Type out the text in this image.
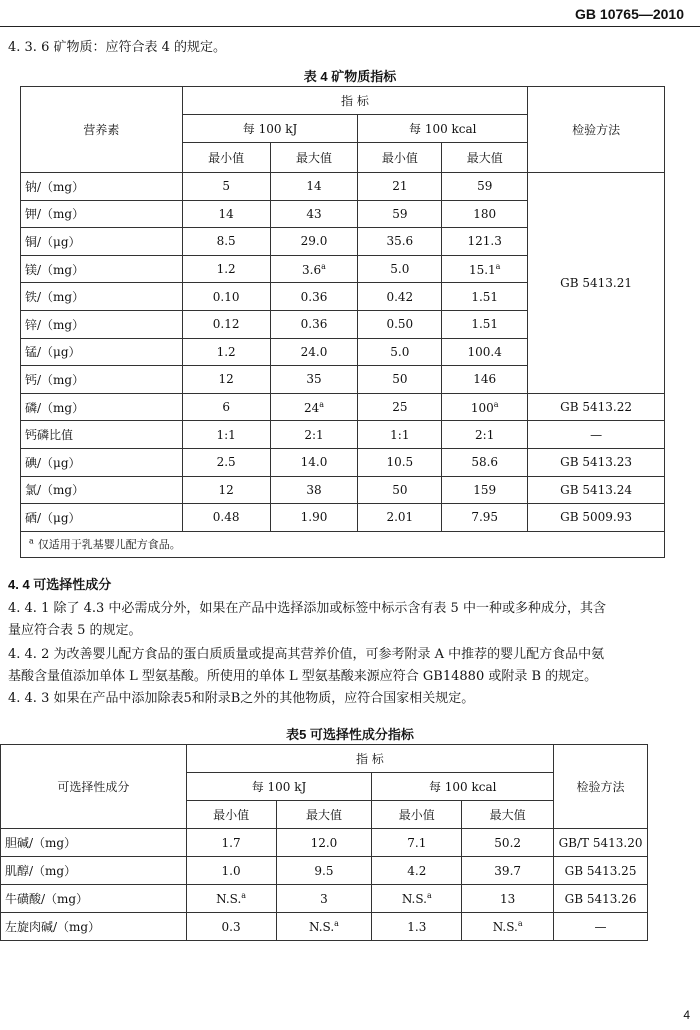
GB 10765—2010
4. 3. 6 矿物质：应符合表 4 的规定。
表 4 矿物质指标
营养素	指 标				检验方法
	每 100 kJ		每 100 kcal		
	最小值	最大值	最小值	最大值	
钠/（mg）	5	14	21	59	GB 5413.21
钾/（mg）	14	43	59	180	
铜/（μg）	8.5	29.0	35.6	121.3	
镁/（mg）	1.2	3.6$^a$	5.0	15.1$^a$
铁/（mg）	0.10	0.36	0.42	1.51	
锌/（mg）	0.12	0.36	0.50	1.51	
锰/（μg）	1.2	24.0	5.0	100.4	
钙/（mg）	12	35	50	146	
磷/（mg）	6	24$^a$	25	100$^a$	GB 5413.22
钙磷比值	1:1	2:1	1:1	2:1	—
碘/（μg）	2.5	14.0	10.5	58.6	GB 5413.23
氯/（mg）	12	38	50	159	GB 5413.24
硒/（μg）	0.48	1.90	2.01	7.95	GB 5009.93
$^a$ 仅适用于乳基婴儿配方食品。					
4. 4 可选择性成分
4. 4. 1 除了 4.3 中必需成分外，如果在产品中选择添加或标签中标示含有表 5 中一种或多种成分，其含
量应符合表 5 的规定。
4. 4. 2 为改善婴儿配方食品的蛋白质质量或提高其营养价值，可参考附录 A 中推荐的婴儿配方食品中氨
基酸含量值添加单体 L 型氨基酸。所使用的单体 L 型氨基酸来源应符合 GB14880 或附录 B 的规定。
4. 4. 3 如果在产品中添加除表5和附录B之外的其他物质，应符合国家相关规定。
表5 可选择性成分指标
可选择性成分	指 标				检验方法
	每 100 kJ		每 100 kcal		
	最小值	最大值	最小值	最大值	
胆碱/（mg）	1.7	12.0	7.1	50.2	GB/T 5413.20
肌醇/（mg）	1.0	9.5	4.2	39.7	GB 5413.25
牛磺酸/（mg）	N.S.$^a$	3	N.S.$^a$	13	GB 5413.26
左旋肉碱/（mg）	0.3	N.S.$^a$	1.3	N.S.$^a$	—
4
